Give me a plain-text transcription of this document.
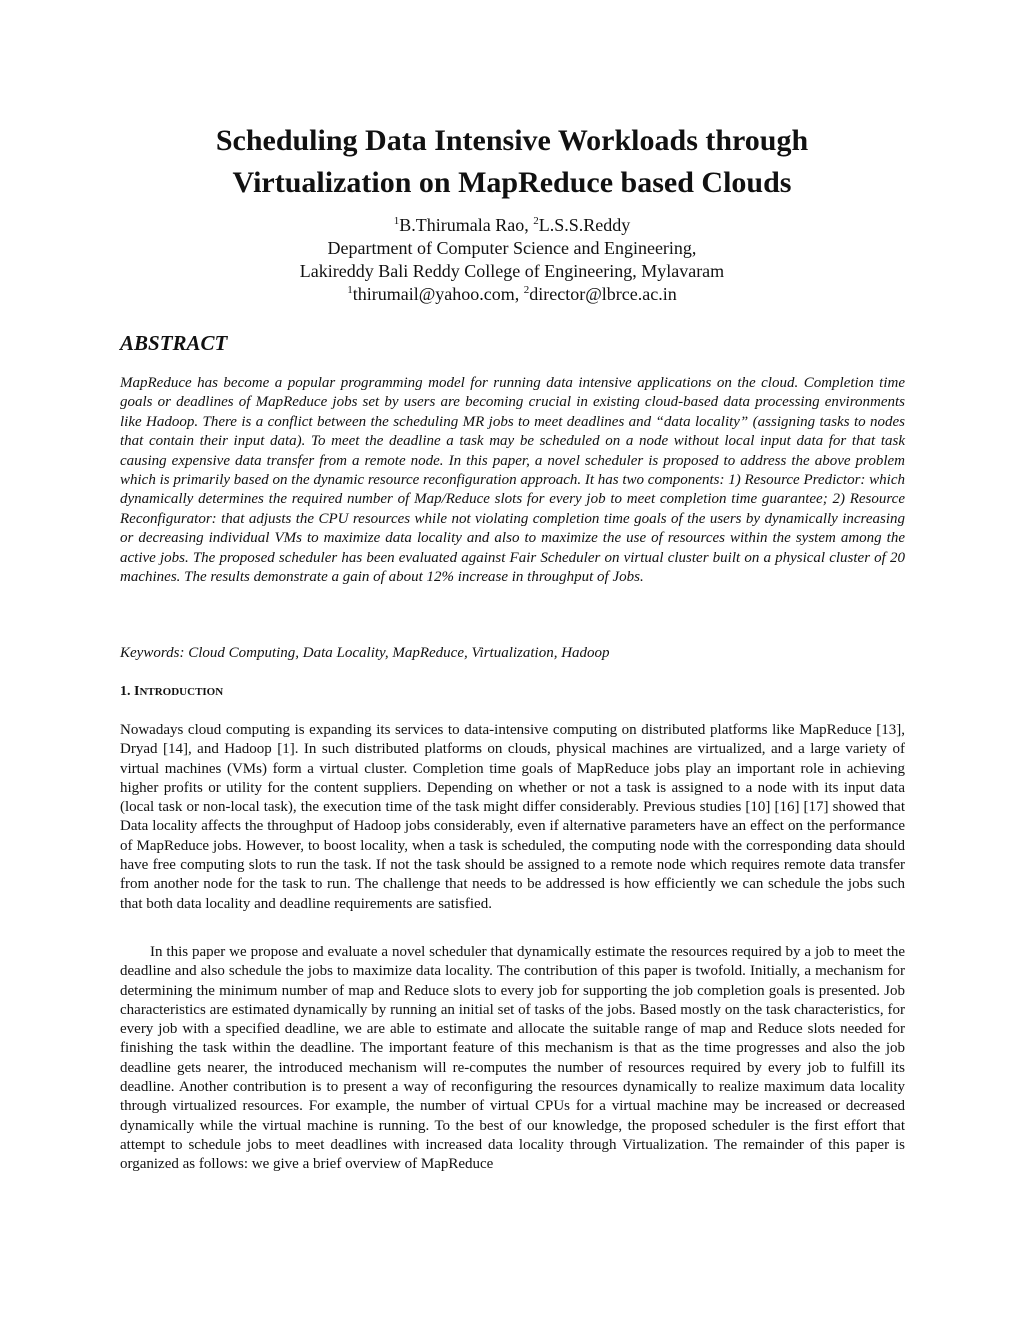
Scheduling Data Intensive Workloads through
Virtualization on MapReduce based Clouds
$^1$B.Thirumala Rao, $^2$L.S.S.Reddy
Department of Computer Science and Engineering,
Lakireddy Bali Reddy College of Engineering, Mylavaram
$^1$thirumail@yahoo.com, $^2$director@lbrce.ac.in
ABSTRACT

MapReduce has become a popular programming model for running data intensive applications on the cloud. Completion time goals or deadlines of MapReduce jobs set by users are becoming crucial in existing cloud-based data processing environments like Hadoop. There is a conflict between the scheduling MR jobs to meet deadlines and “data locality” (assigning tasks to nodes that contain their input data). To meet the deadline a task may be scheduled on a node without local input data for that task causing expensive data transfer from a remote node. In this paper, a novel scheduler is proposed to address the above problem which is primarily based on the dynamic resource reconfiguration approach. It has two components: 1) Resource Predictor: which dynamically determines the required number of Map/Reduce slots for every job to meet completion time guarantee; 2) Resource Reconfigurator: that adjusts the CPU resources while not violating completion time goals of the users by dynamically increasing or decreasing individual VMs to maximize data locality and also to maximize the use of resources within the system among the active jobs. The proposed scheduler has been evaluated against Fair Scheduler on virtual cluster built on a physical cluster of 20 machines. The results demonstrate a gain of about 12% increase in throughput of Jobs.

Keywords: Cloud Computing, Data Locality, MapReduce, Virtualization, Hadoop

1. INTRODUCTION

Nowadays cloud computing is expanding its services to data-intensive computing on distributed platforms like MapReduce [13], Dryad [14], and Hadoop [1]. In such distributed platforms on clouds, physical machines are virtualized, and a large variety of virtual machines (VMs) form a virtual cluster. Completion time goals of MapReduce jobs play an important role in achieving higher profits or utility for the content suppliers. Depending on whether or not a task is assigned to a node with its input data (local task or non-local task), the execution time of the task might differ considerably. Previous studies [10] [16] [17] showed that Data locality affects the throughput of Hadoop jobs considerably, even if alternative parameters have an effect on the performance of MapReduce jobs. However, to boost locality, when a task is scheduled, the computing node with the corresponding data should have free computing slots to run the task. If not the task should be assigned to a remote node which requires remote data transfer from another node for the task to run. The challenge that needs to be addressed is how efficiently we can schedule the jobs such that both data locality and deadline requirements are satisfied.

In this paper we propose and evaluate a novel scheduler that dynamically estimate the resources required by a job to meet the deadline and also schedule the jobs to maximize data locality. The contribution of this paper is twofold. Initially, a mechanism for determining the minimum number of map and Reduce slots to every job for supporting the job completion goals is presented. Job characteristics are estimated dynamically by running an initial set of tasks of the jobs. Based mostly on the task characteristics, for every job with a specified deadline, we are able to estimate and allocate the suitable range of map and Reduce slots needed for finishing the task within the deadline. The important feature of this mechanism is that as the time progresses and also the job deadline gets nearer, the introduced mechanism will re-computes the number of resources required by every job to fulfill its deadline. Another contribution is to present a way of reconfiguring the resources dynamically to realize maximum data locality through virtualized resources. For example, the number of virtual CPUs for a virtual machine may be increased or decreased dynamically while the virtual machine is running. To the best of our knowledge, the proposed scheduler is the first effort that attempt to schedule jobs to meet deadlines with increased data locality through Virtualization. The remainder of this paper is organized as follows: we give a brief overview of MapReduce
